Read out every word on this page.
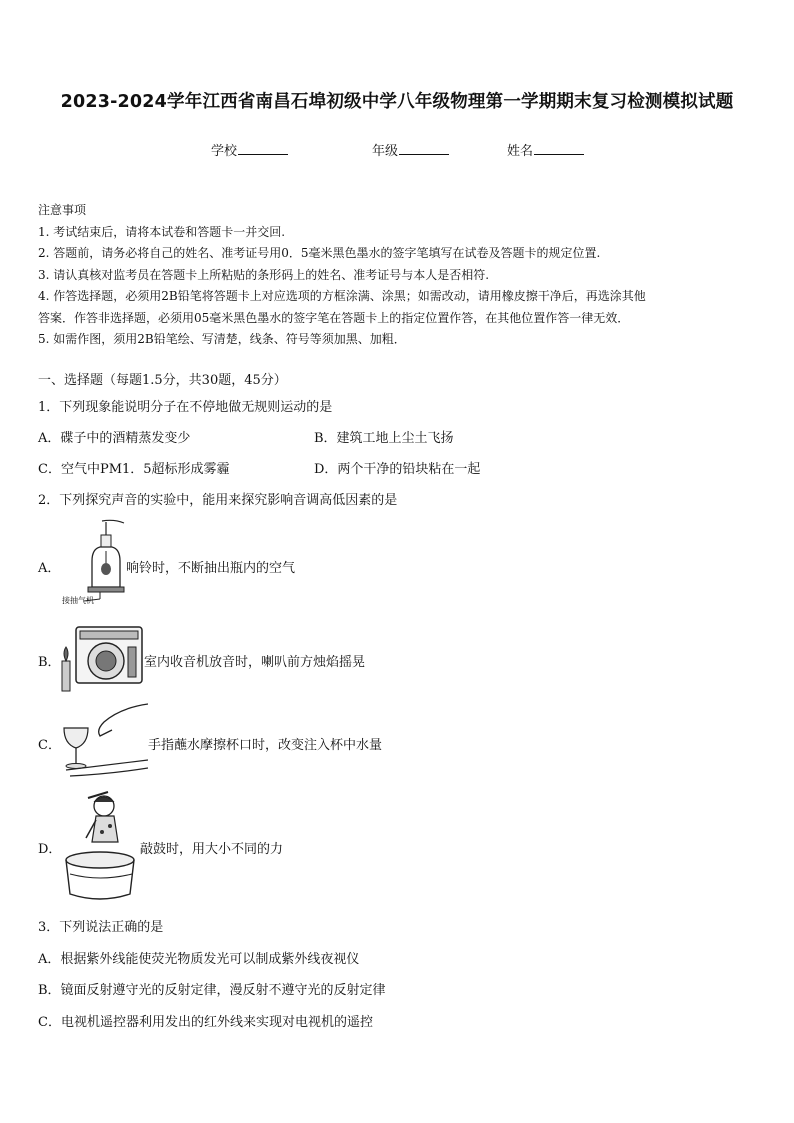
2023-2024学年江西省南昌石埠初级中学八年级物理第一学期期末复习检测模拟试题
学校	年级	姓名
注意事项
1. 考试结束后，请将本试卷和答题卡一并交回.
2. 答题前，请务必将自己的姓名、准考证号用0．5毫米黑色墨水的签字笔填写在试卷及答题卡的规定位置.
3. 请认真核对监考员在答题卡上所粘贴的条形码上的姓名、准考证号与本人是否相符.
4. 作答选择题，必须用2B铅笔将答题卡上对应选项的方框涂满、涂黑；如需改动，请用橡皮擦干净后，再选涂其他
答案．作答非选择题，必须用05毫米黑色墨水的签字笔在答题卡上的指定位置作答，在其他位置作答一律无效．
5. 如需作图，须用2B铅笔绘、写清楚，线条、符号等须加黑、加粗．
一、选择题（每题1.5分，共30题，45分）
1．下列现象能说明分子在不停地做无规则运动的是
A．碟子中的酒精蒸发变少	B．建筑工地上尘土飞扬
C．空气中PM1．5超标形成雾霾	D．两个干净的铅块粘在一起
2．下列探究声音的实验中，能用来探究影响音调高低因素的是
A．
接抽气机
响铃时，不断抽出瓶内的空气
B．	室内收音机放音时，喇叭前方烛焰摇晃
C．	手指蘸水摩擦杯口时，改变注入杯中水量
D．	敲鼓时，用大小不同的力
3．下列说法正确的是
A．根据紫外线能使荧光物质发光可以制成紫外线夜视仪
B．镜面反射遵守光的反射定律，漫反射不遵守光的反射定律
C．电视机遥控器利用发出的红外线来实现对电视机的遥控
